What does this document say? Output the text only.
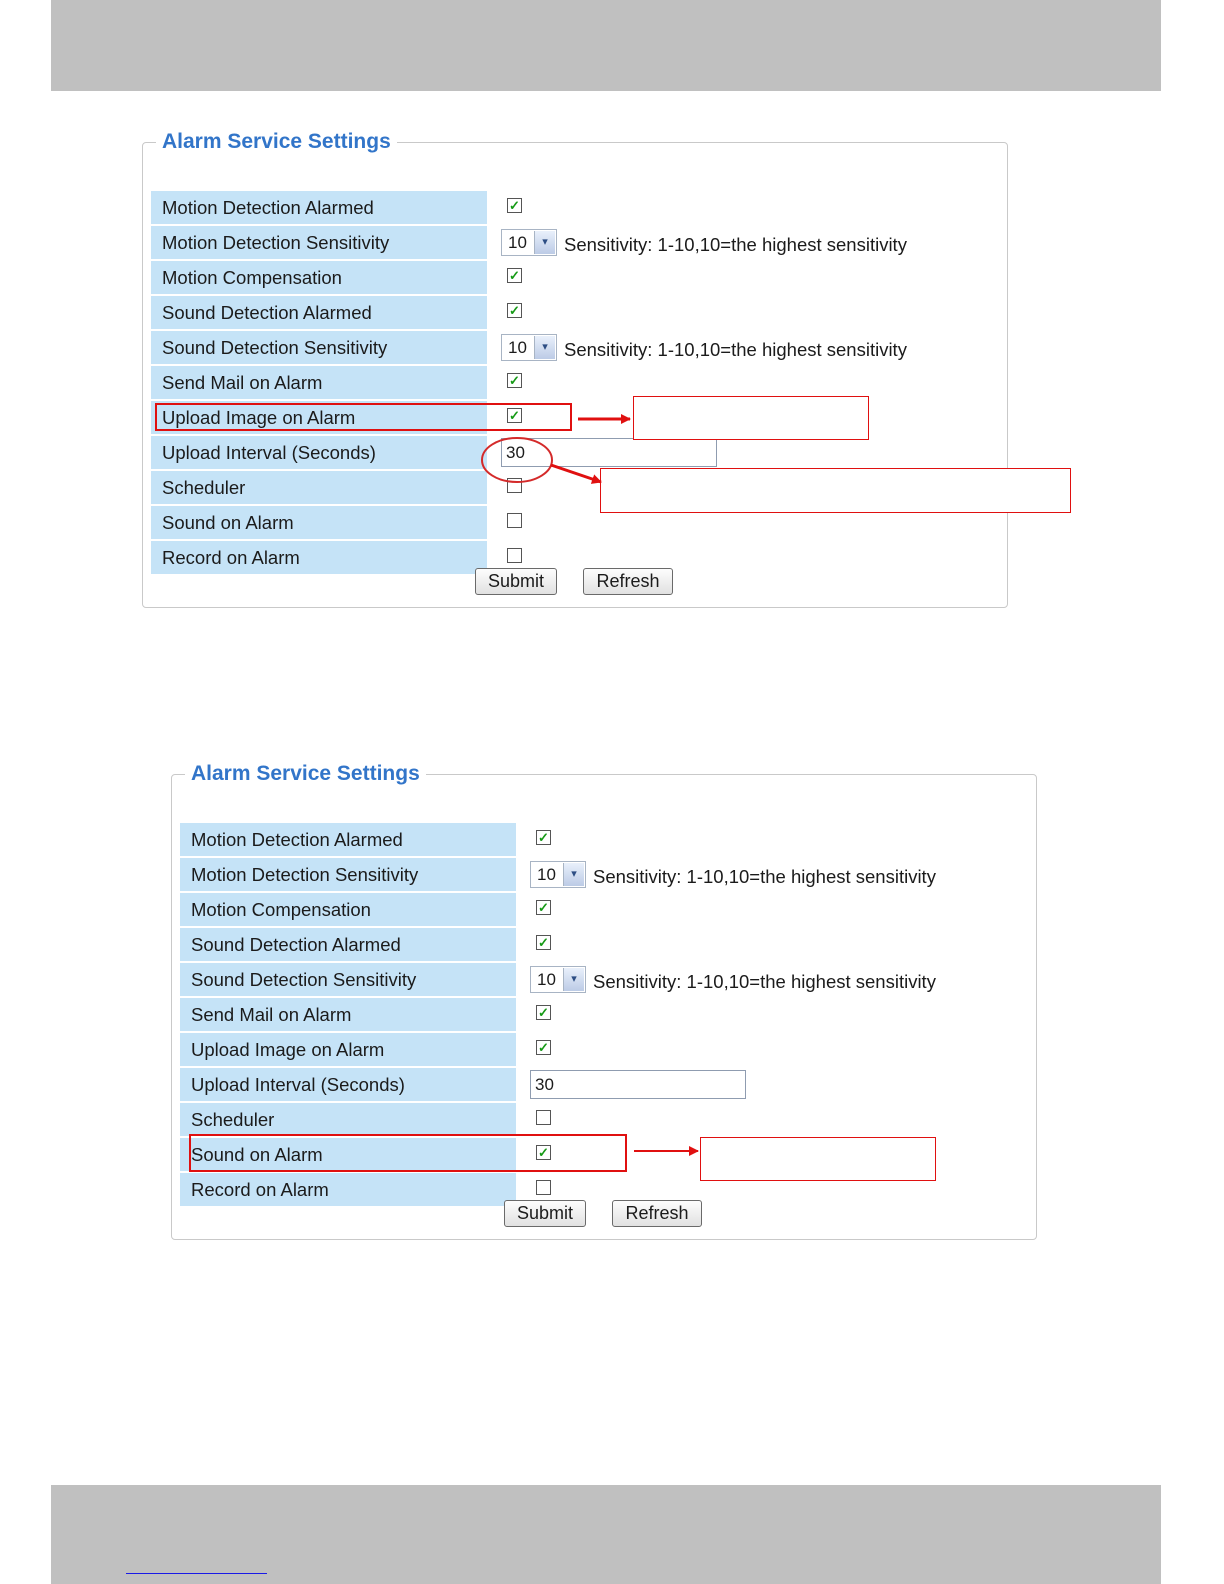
Alarm Service Settings
Motion Detection Alarmed	✓
Motion Detection Sensitivity	10	▾ Sensitivity: 1-10,10=the highest sensitivity
Motion Compensation	✓
Sound Detection Alarmed	✓
Sound Detection Sensitivity	10	▾ Sensitivity: 1-10,10=the highest sensitivity
Send Mail on Alarm	✓
Upload Image on Alarm	✓
Upload Interval (Seconds)	30
Scheduler
Sound on Alarm
Record on Alarm
Submit	Refresh
Alarm Service Settings
Motion Detection Alarmed	✓
Motion Detection Sensitivity	10	▾ Sensitivity: 1-10,10=the highest sensitivity
Motion Compensation	✓
Sound Detection Alarmed	✓
Sound Detection Sensitivity	10	▾ Sensitivity: 1-10,10=the highest sensitivity
Send Mail on Alarm	✓
Upload Image on Alarm	✓
Upload Interval (Seconds)	30
Scheduler
Sound on Alarm	✓
Record on Alarm
Submit	Refresh
